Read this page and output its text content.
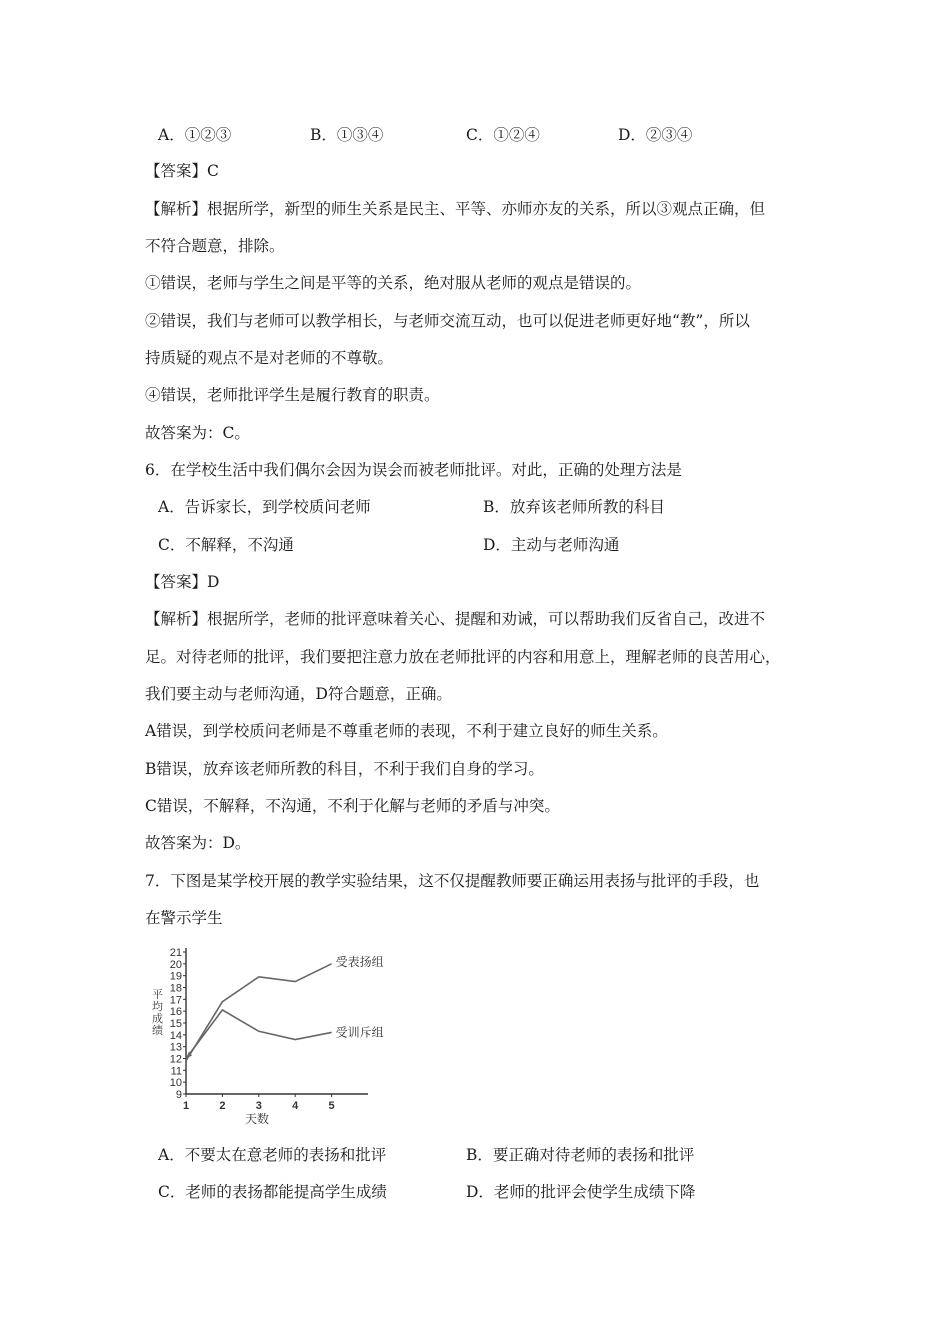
A．①②③	B．①③④	C．①②④	D．②③④
【答案】C
【解析】根据所学，新型的师生关系是民主、平等、亦师亦友的关系，所以③观点正确，但
不符合题意，排除。
①错误，老师与学生之间是平等的关系，绝对服从老师的观点是错误的。
②错误，我们与老师可以教学相长，与老师交流互动，也可以促进老师更好地“教”，所以
持质疑的观点不是对老师的不尊敬。
④错误，老师批评学生是履行教育的职责。
故答案为：C。
6．在学校生活中我们偶尔会因为误会而被老师批评。对此，正确的处理方法是
A．告诉家长，到学校质问老师	B．放弃该老师所教的科目
C．不解释，不沟通	D．主动与老师沟通
【答案】D
【解析】根据所学，老师的批评意味着关心、提醒和劝诫，可以帮助我们反省自己，改进不
足。对待老师的批评，我们要把注意力放在老师批评的内容和用意上，理解老师的良苦用心，
我们要主动与老师沟通，D符合题意，正确。
A错误，到学校质问老师是不尊重老师的表现，不利于建立良好的师生关系。
B错误，放弃该老师所教的科目，不利于我们自身的学习。
C错误，不解释，不沟通，不利于化解与老师的矛盾与冲突。
故答案为：D。
7．下图是某学校开展的教学实验结果，这不仅提醒教师要正确运用表扬与批评的手段，也
在警示学生
9
10
11
12
13
14
15
16
17
18
19
20
21
1	2	3	4	5
受表扬组
受训斥组
平均成绩
天数
A．不要太在意老师的表扬和批评	B．要正确对待老师的表扬和批评
C．老师的表扬都能提高学生成绩	D．老师的批评会使学生成绩下降
